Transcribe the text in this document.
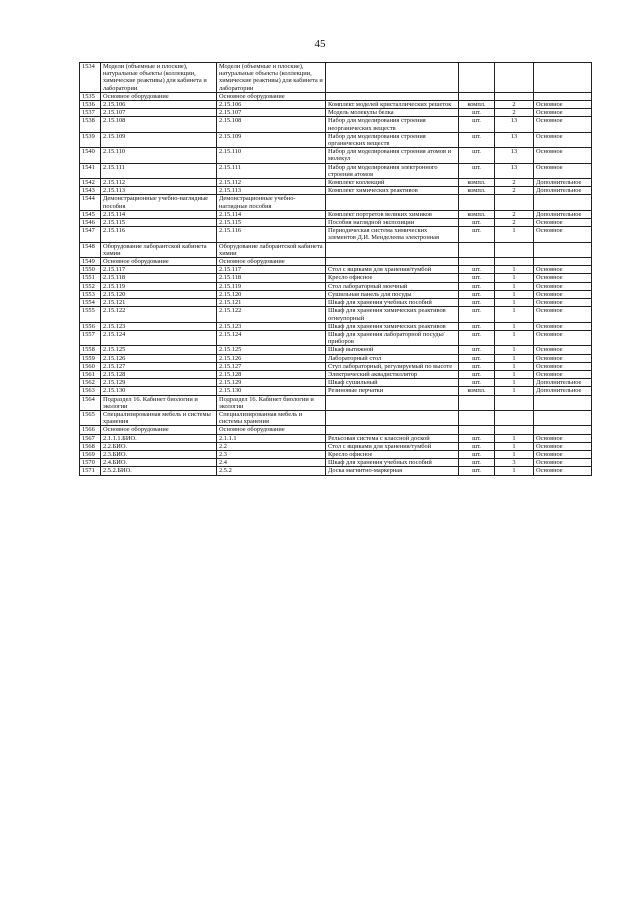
45
1534	Модели (объемные и плоские), натуральные объекты (коллекции, химические реактивы) для кабинета и лаборатории	Модели (объемные и плоские), натуральные объекты (коллекции, химические реактивы) для кабинета и лаборатории				
1535	Основное оборудование	Основное оборудование				
1536	2.15.106	2.15.106	Комплект моделей кристаллических решеток	компл.	2	Основное
1537	2.15.107	2.15.107	Модель молекулы белка	шт.	2	Основное
1538	2.15.108	2.15.108	Набор для моделирования строения неорганических веществ	шт.	13	Основное
1539	2.15.109	2.15.109	Набор для моделирования строения органических веществ	шт.	13	Основное
1540	2.15.110	2.15.110	Набор для моделирования строения атомов и молекул	шт.	13	Основное
1541	2.15.111	2.15.111	Набор для моделирования электронного строения атомов	шт.	13	Основное
1542	2.15.112	2.15.112	Комплект коллекций	компл.	2	Дополнительное
1543	2.15.113	2.15.113	Комплект химических реактивов	компл.	2	Дополнительное
1544	Демонстрационные учебно-наглядные пособия	Демонстрационные учебно-наглядные пособия				
1545	2.15.114	2.15.114	Комплект портретов великих химиков	компл.	2	Дополнительное
1546	2.15.115	2.15.115	Пособия наглядной экспозиции	шт.	2	Основное
1547	2.15.116	2.15.116	Периодическая система химических элементов Д.И. Менделеева электронная	шт.	1	Основное
1548	Оборудование лаборантской кабинета химии	Оборудование лаборантской кабинета химии				
1549	Основное оборудование	Основное оборудование				
1550	2.15.117	2.15.117	Стол с ящиками для хранения/тумбой	шт.	1	Основное
1551	2.15.118	2.15.118	Кресло офисное	шт.	1	Основное
1552	2.15.119	2.15.119	Стол лабораторный моечный	шт.	1	Основное
1553	2.15.120	2.15.120	Сушильная панель для посуды	шт.	1	Основное
1554	2.15.121	2.15.121	Шкаф для хранения учебных пособий	шт.	1	Основное
1555	2.15.122	2.15.122	Шкаф для хранения химических реактивов огнеупорный	шт.	1	Основное
1556	2.15.123	2.15.123	Шкаф для хранения химических реактивов	шт.	1	Основное
1557	2.15.124	2.15.124	Шкаф для хранения лабораторной посуды/приборов	шт.	1	Основное
1558	2.15.125	2.15.125	Шкаф вытяжной	шт.	1	Основное
1559	2.15.126	2.15.126	Лабораторный стол	шт.	1	Основное
1560	2.15.127	2.15.127	Стул лабораторный, регулируемый по высоте	шт.	1	Основное
1561	2.15.128	2.15.128	Электрический аквадистиллятор	шт.	1	Основное
1562	2.15.129	2.15.129	Шкаф сушильный	шт.	1	Дополнительное
1563	2.15.130	2.15.130	Резиновые перчатки	компл.	1	Дополнительное
1564	Подраздел 16. Кабинет биологии и экологии	Подраздел 16. Кабинет биологии и экологии				
1565	Специализированная мебель и системы хранения	Специализированная мебель и системы хранения				
1566	Основное оборудование	Основное оборудование				
1567	2.1.1.1.БИО.	2.1.1.1	Рельсовая система с классной доской	шт.	1	Основное
1568	2.2.БИО.	2.2	Стол с ящиками для хранения/тумбой	шт.	1	Основное
1569	2.3.БИО.	2.3	Кресло офисное	шт.	1	Основное
1570	2.4.БИО.	2.4	Шкаф для хранения учебных пособий	шт.	3	Основное
1571	2.5.2.БИО.	2.5.2	Доска магнитно-маркерная	шт.	1	Основное
